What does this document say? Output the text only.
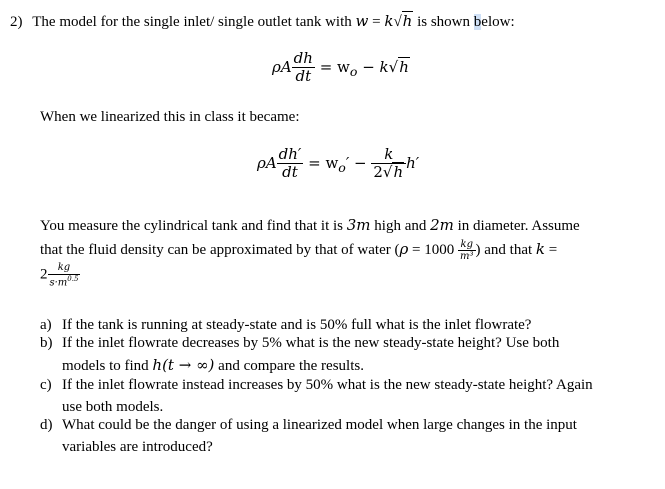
2) The model for the single inlet/ single outlet tank with w = k√h is shown below:
ρA $\frac{dh}{dt} = w_o - k√h$
When we linearized this in class it became:
ρA $\frac{dh'}{dt} = w_o' - \frac{k}{2√h} h'$
You measure the cylindrical tank and find that it is 3m high and 2m in diameter. Assume
that the fluid density can be approximated by that of water ($\rho = 1000 \frac{kg}{\text{m³}}$ ) and that k =
$2 \frac{kg}{s\cdot m^{0.5}}$
a) If the tank is running at steady-state and is 50% full what is the inlet flowrate?
b) If the inlet flowrate decreases by 5% what is the new steady-state height? Use both
models to find h(t → ∞) and compare the results.
c) If the inlet flowrate instead increases by 50% what is the new steady-state height? Again
use both models.
d) What could be the danger of using a linearized model when large changes in the input
variables are introduced?
